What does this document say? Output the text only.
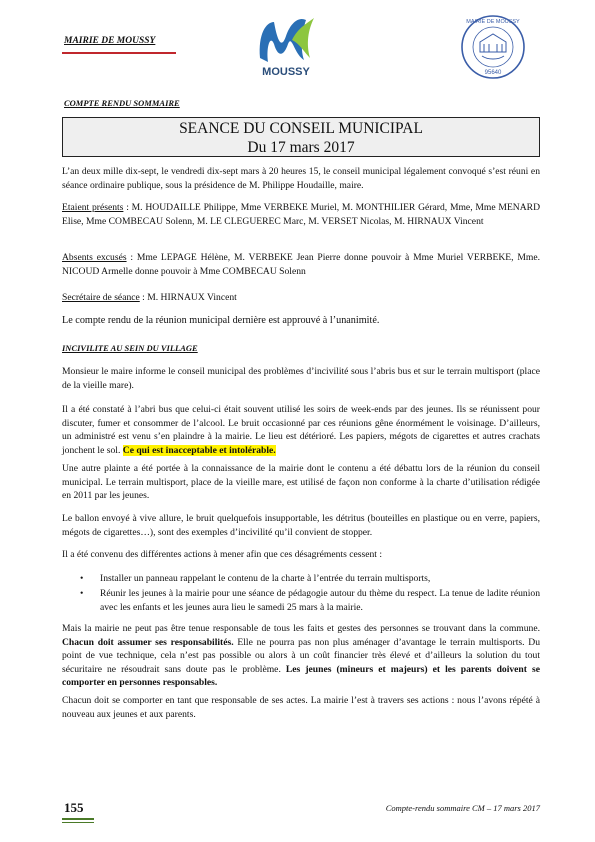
MAIRIE DE MOUSSY
MOUSSY
MAIRIE DE MOUSSY
95640
COMPTE RENDU SOMMAIRE
SEANCE DU CONSEIL MUNICIPAL
Du 17 mars 2017
L’an deux mille dix-sept, le vendredi dix-sept mars à 20 heures 15, le conseil municipal légalement convoqué s’est réuni en séance ordinaire publique, sous la présidence de M. Philippe Houdaille, maire.
Etaient présents : M. HOUDAILLE Philippe, Mme VERBEKE Muriel, M. MONTHILIER Gérard, Mme, Mme MENARD Elise, Mme COMBECAU Solenn, M. LE CLEGUEREC Marc, M. VERSET Nicolas, M. HIRNAUX Vincent
Absents excusés : Mme LEPAGE Hélène, M. VERBEKE Jean Pierre donne pouvoir à Mme Muriel VERBEKE, Mme. NICOUD Armelle donne pouvoir à Mme COMBECAU Solenn
Secrétaire de séance : M. HIRNAUX Vincent
Le compte rendu de la réunion municipal dernière est approuvé à l’unanimité.
INCIVILITE AU SEIN DU VILLAGE
Monsieur le maire informe le conseil municipal des problèmes d’incivilité sous l’abris bus et sur le terrain multisport (place de la vieille mare).
Il a été constaté à l’abri bus que celui-ci était souvent utilisé les soirs de week-ends par des jeunes. Ils se réunissent pour discuter, fumer et consommer de l’alcool. Le bruit occasionné par ces réunions gêne énormément le voisinage. D’ailleurs, un administré est venu s’en plaindre à la mairie. Le lieu est détérioré. Les papiers, mégots de cigarettes et autres crachats jonchent le sol. Ce qui est inacceptable et intolérable.
Une autre plainte a été portée à la connaissance de la mairie dont le contenu a été débattu lors de la réunion du conseil municipal. Le terrain multisport, place de la vieille mare, est utilisé de façon non conforme à la charte d’utilisation rédigée en 2011 par les jeunes.
Le ballon envoyé à vive allure, le bruit quelquefois insupportable, les détritus (bouteilles en plastique ou en verre, papiers, mégots de cigarettes…), sont des exemples d’incivilité qu’il convient de stopper.
Il a été convenu des différentes actions à mener afin que ces désagréments cessent :
• Installer un panneau rappelant le contenu de la charte à l’entrée du terrain multisports,
• Réunir les jeunes à la mairie pour une séance de pédagogie autour du thème du respect. La tenue de ladite réunion avec les enfants et les jeunes aura lieu le samedi 25 mars à la mairie.
Mais la mairie ne peut pas être tenue responsable de tous les faits et gestes des personnes se trouvant dans la commune. Chacun doit assumer ses responsabilités. Elle ne pourra pas non plus aménager d’avantage le terrain multisports. Du point de vue technique, cela n’est pas possible ou alors à un coût financier très élevé et d’ailleurs la solution du tout sécuritaire ne résoudrait sans doute pas le problème. Les jeunes (mineurs et majeurs) et les parents doivent se comporter en personnes responsables.
Chacun doit se comporter en tant que responsable de ses actes. La mairie l’est à travers ses actions : nous l’avons répété à nouveau aux jeunes et aux parents.
155	Compte-rendu sommaire CM – 17 mars 2017
